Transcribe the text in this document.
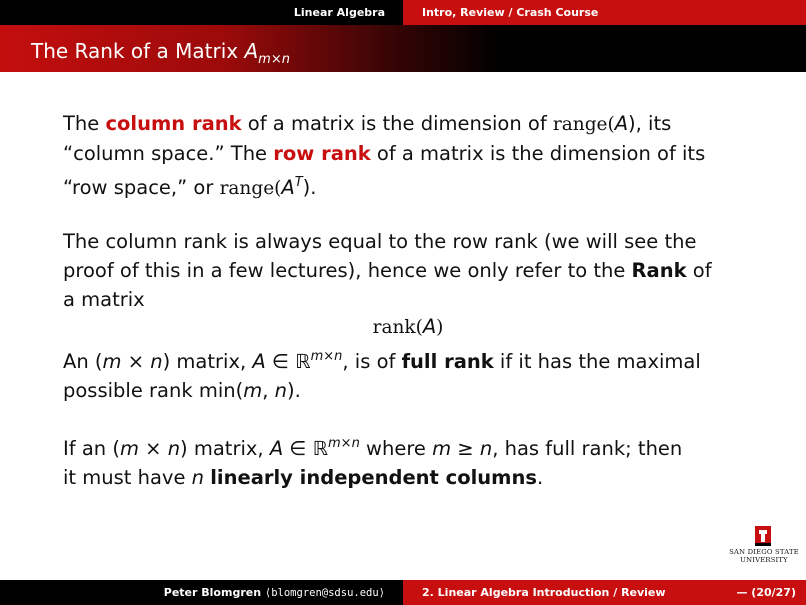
Linear Algebra	Intro, Review / Crash Course
The Rank of a Matrix $A_{m\times n}$

The column rank of a matrix is the dimension of range(A), its
“column space.” The row rank of a matrix is the dimension of its
“row space,” or $range(A^T)$.

The column rank is always equal to the row rank (we will see the
proof of this in a few lectures), hence we only refer to the Rank of
a matrix

rank(A)

An (m × n) matrix, A ∈ ℝ$^{m\times n}$, is of full rank if it has the maximal
possible rank min(m, n).

If an (m × n) matrix, A ∈ ℝ$^{m\times n}$ where m ≥ n, has full rank; then
it must have n linearly independent columns.

SAN DIEGO STATE
UNIVERSITY
Peter Blomgren
⟨blomgren@sdsu.edu⟩	2. Linear Algebra Introduction / Review	— (20/27)
